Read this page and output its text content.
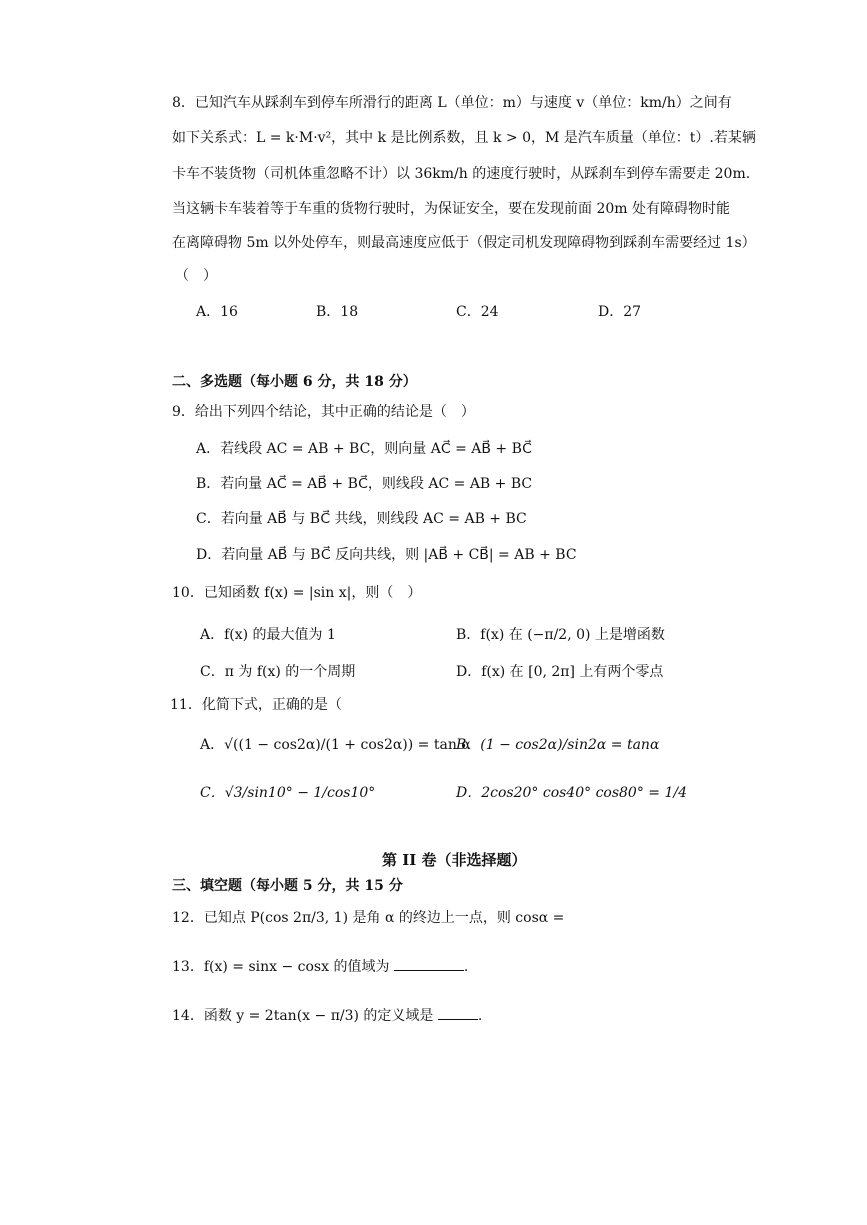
8．已知汽车从踩刹车到停车所滑行的距离 L（单位：m）与速度 v（单位：km/h）之间有
如下关系式：L = k·M·v²，其中 k 是比例系数，且 k > 0，M 是汽车质量（单位：t）.若某辆
卡车不装货物（司机体重忽略不计）以 36km/h 的速度行驶时，从踩刹车到停车需要走 20m.
当这辆卡车装着等于车重的货物行驶时，为保证安全，要在发现前面 20m 处有障碍物时能
在离障碍物 5m 以外处停车，则最高速度应低于（假定司机发现障碍物到踩刹车需要经过 1s）
（　）
A．16	B．18	C．24	D．27
二、多选题（每小题 6 分，共 18 分）
9．给出下列四个结论，其中正确的结论是（　）
A．若线段 AC = AB + BC，则向量 AC⃗ = AB⃗ + BC⃗
B．若向量 AC⃗ = AB⃗ + BC⃗，则线段 AC = AB + BC
C．若向量 AB⃗ 与 BC⃗ 共线，则线段 AC = AB + BC
D．若向量 AB⃗ 与 BC⃗ 反向共线，则 |AB⃗ + CB⃗| = AB + BC
10．已知函数 f(x) = |sin x|，则（　）
A．f(x) 的最大值为 1	B．f(x) 在 (−π/2, 0) 上是增函数
C．π 为 f(x) 的一个周期	D．f(x) 在 [0, 2π] 上有两个零点
11．化简下式，正确的是（
A．√((1 − cos2α)/(1 + cos2α)) = tan α
B．(1 − cos2α)/sin2α = tanα
C．√3/sin10° − 1/cos10°	D．2cos20° cos40° cos80° = 1/4
第 II 卷（非选择题）
三、填空题（每小题 5 分，共 15 分
12．已知点 P(cos 2π/3, 1) 是角 α 的终边上一点，则 cosα =
13．f(x) = sinx − cosx 的值域为	.
14．函数 y = 2tan(x − π/3) 的定义域是	.
